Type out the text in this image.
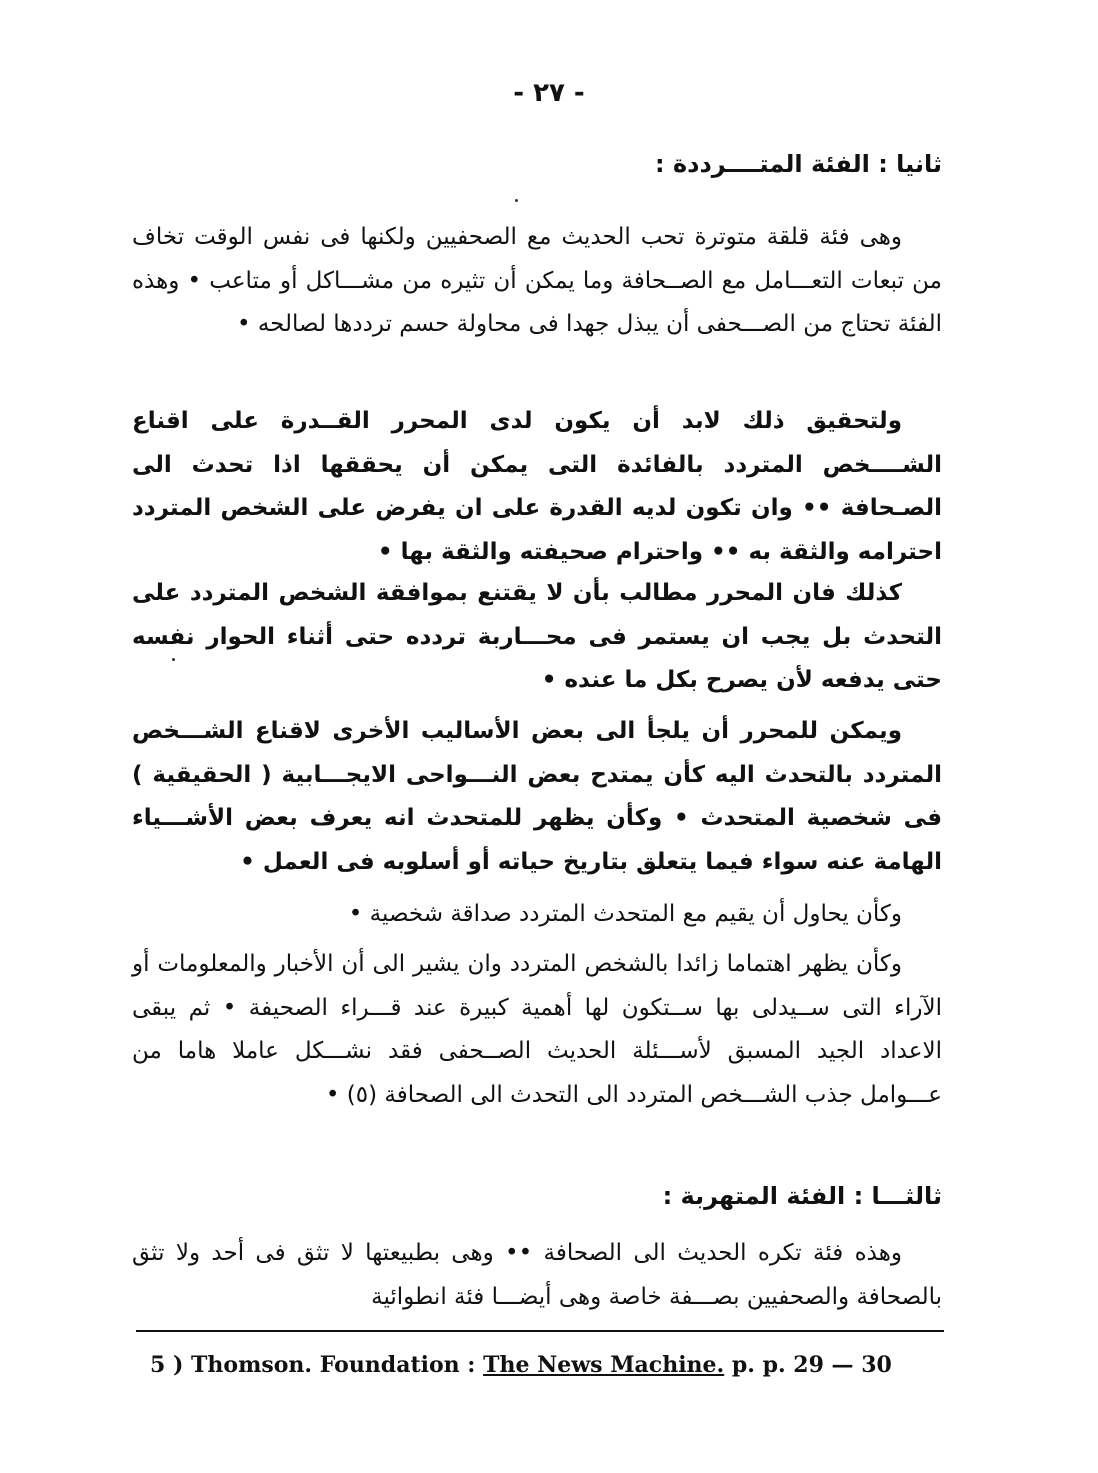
- ٢٧ -
ثانيا : الفئة المتــــرددة :

وهى فئة قلقة متوترة تحب الحديث مع الصحفيين ولكنها فى نفس الوقت تخاف من تبعات التعـــامل مع الصــحافة وما يمكن أن تثيره من مشـــاكل أو متاعب • وهذه الفئة تحتاج من الصـــحفى أن يبذل جهدا فى محاولة حسم ترددها لصالحه •

ولتحقيق ذلك لابد أن يكون لدى المحرر القــدرة على اقناع الشــــخص المتردد بالفائدة التى يمكن أن يحققها اذا تحدث الى الصـحافة •• وان تكون لديه القدرة على ان يفرض على الشخص المتردد احترامه والثقة به •• واحترام صحيفته والثقة بها •

كذلك فان المحرر مطالب بأن لا يقتنع بموافقة الشخص المتردد على التحدث بل يجب ان يستمر فى محـــاربة تردده حتى أثناء الحوار نفسه حتى يدفعه لأن يصرح بكل ما عنده •

ويمكن للمحرر أن يلجأ الى بعض الأساليب الأخرى لاقناع الشـــخص المتردد بالتحدث اليه كأن يمتدح بعض النـــواحى الايجـــابية ( الحقيقية ) فى شخصية المتحدث • وكأن يظهر للمتحدث انه يعرف بعض الأشـــياء الهامة عنه سواء فيما يتعلق بتاريخ حياته أو أسلوبه فى العمل •

وكأن يحاول أن يقيم مع المتحدث المتردد صداقة شخصية •

وكأن يظهر اهتماما زائدا بالشخص المتردد وان يشير الى أن الأخبار والمعلومات أو الآراء التى ســيدلى بها ســتكون لها أهمية كبيرة عند قـــراء الصحيفة • ثم يبقى الاعداد الجيد المسبق لأســـئلة الحديث الصــحفى فقد نشـــكل عاملا هاما من عـــوامل جذب الشـــخص المتردد الى التحدث الى الصحافة (٥) •

ثالثـــا : الفئة المتهربة :

وهذه فئة تكره الحديث الى الصحافة •• وهى بطبيعتها لا تثق فى أحد ولا تثق بالصحافة والصحفيين بصـــفة خاصة وهى أيضـــا فئة انطوائية

5 ) Thomson. Foundation : The News Machine. p. p. 29 — 30
